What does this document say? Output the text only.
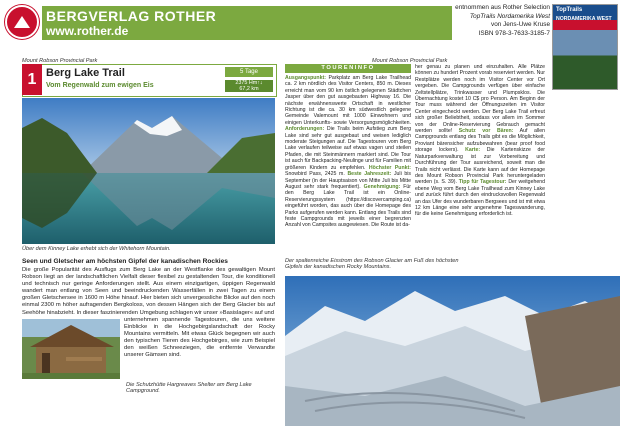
BERGVERLAG ROTHER
www.rother.de
entnommen aus Rother Selection
TopTrails Nordamerika West
von Jens-Uwe Kruse
ISBN 978-3-7633-3185-7
TopTrails
NORDAMERIKA WEST
Mount Robson Provincial Park	Mount Robson Provincial Park
1 Berg Lake Trail
Vom Regenwald zum ewigen Eis
5 Tage
2375 Hm↑↓
67,2 km
Über dem Kinney Lake erhebt sich der Whitehorn Mountain.
Seen und Gletscher am höchsten Gipfel der kanadischen Rockies
Die große Popularität des Ausflugs zum Berg Lake an der Westflanke des gewaltigen Mount Robson liegt an der landschaftlichen Vielfalt dieser flexibel zu gestaltenden Tour, die konditionell und technisch nur geringe Anforderungen stellt. Aus einem einzigartigen, üppigen Regenwald wandert man entlang von Seen und beeindruckenden Wasserfällen in zwei Tagen zu einem großen Gletschersee in 1600 m Höhe hinauf. Hier bieten sich unvergessliche Blicke auf den noch einmal 2300 m höher aufragenden Bergkoloss, von dessen Hängen sich der Berg Glacier bis auf Seehöhe hinabzieht. In dieser faszinierenden Umgebung schlagen wir unser »Basislager« auf und
unternehmen spannende Tagestouren, die uns weitere Einblicke in die Hochgebirgslandschaft der Rocky Mountains vermitteln. Mit etwas Glück begegnen wir auch den typischen Tieren des Hochgebirges, wie zum Beispiel den weißen Schneeziegen, die entfernte Verwandte unserer Gämsen sind.
Die Schutzhütte Hargreaves Shelter am Berg Lake Campground.
TOURENINFO
Ausgangspunkt: Parkplatz am Berg Lake Trailhead ca. 2 km nördlich des Visitor Centers, 850 m. Dieses erreicht man vom 90 km östlich gelegenen Städtchen Jasper über den gut ausgebauten Highway 16. Die nächste erwähnenswerte Ortschaft in westlicher Richtung ist die ca. 30 km südwestlich gelegene Gemeinde Valemount mit 1000 Einwohnern und einigen Unterkunfts- sowie Versorgungsmöglichkeiten. Anforderungen: Die Trails beim Aufstieg zum Berg Lake sind sehr gut ausgebaut und weisen lediglich moderate Steigungen auf. Die Tagestouren vom Berg Lake verlaufen teilweise auf etwas vagen und steilen Pfaden, die mit Steinmännern markiert sind. Die Tour ist auch für Backpacking-Neulinge und für Familien mit größeren Kindern zu empfehlen. Höchster Punkt: Snowbird Pass, 2425 m. Beste Jahreszeit: Juli bis September (in der Hauptsaison von Mitte Juli bis Mitte August sehr stark frequentiert). Genehmigung: Für den Berg Lake Trail ist ein Online-Reservierungssystem (https://discovercamping.ca) eingeführt worden, das auch über die Homepage des Parks aufgerufen werden kann. Entlang des Trails sind feste Campgrounds mit jeweils einer begrenzten Anzahl von Campsites ausgewiesen. Die Route ist da-
her genau zu planen und einzuhalten. Alle Plätze können zu hundert Prozent vorab reserviert werden. Nur Restplätze werden noch im Visitor Center vor Ort vergeben. Die Campgrounds verfügen über einfache Zeltstellplätze, Trinkwasser und Plumpsklos. Die Übernachtung kostet 10 C$ pro Person. Am Beginn der Tour muss während der Öffnungszeiten im Visitor Center eingecheckt werden. Der Berg Lake Trail erfreut sich großer Beliebtheit, sodass vor allem im Sommer von der Online-Reservierung Gebrauch gemacht werden sollte! Schutz vor Bären: Auf allen Campgrounds entlang des Trails gibt es die Möglichkeit, Proviant bärensicher aufzubewahren (bear proof food storage lockers). Karte: Die Kartenskizze der Naturparkverwaltung ist zur Vorbereitung und Durchführung der Tour ausreichend, soweit man die Trails nicht verlässt. Die Karte kann auf der Homepage des Mount Robson Provincial Park heruntergeladen werden (s. S. 39). Tipp für Tagestour: Der weitgehend ebene Weg vom Berg Lake Trailhead zum Kinney Lake und zurück führt durch den eindrucksvollen Regenwald an das Ufer des wunderbaren Bergsees und ist mit etwa 12 km Länge eine sehr angenehme Tageswanderung, für die keine Genehmigung erforderlich ist.
Der spaltenreiche Eisstrom des Robson Glacier am Fuß des höchsten Gipfels der kanadischen Rocky Mountains.
